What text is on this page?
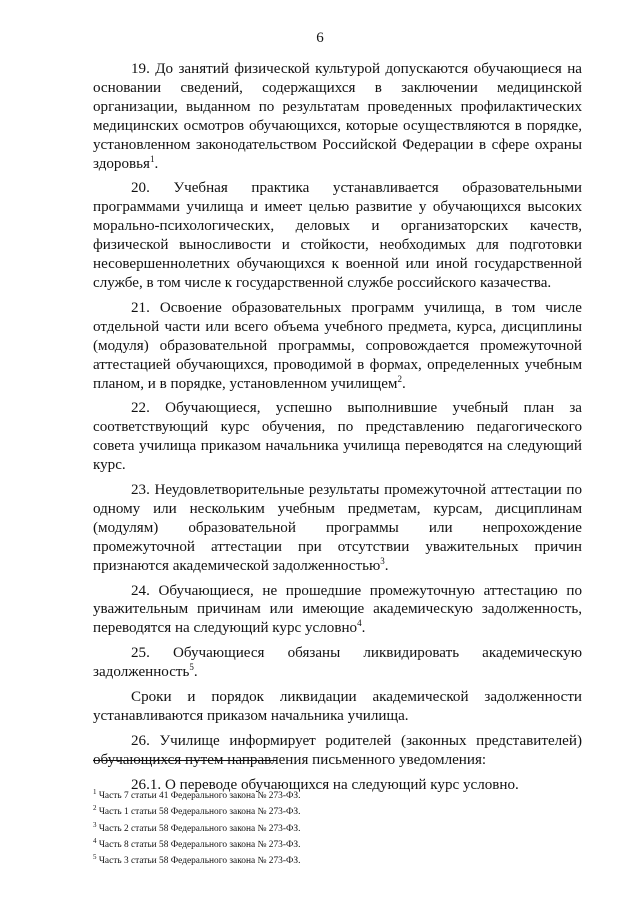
6

19. До занятий физической культурой допускаются обучающиеся на основании сведений, содержащихся в заключении медицинской организации, выданном по результатам проведенных профилактических медицинских осмотров обучающихся, которые осуществляются в порядке, установленном законодательством Российской Федерации в сфере охраны здоровья$^1$.

20. Учебная практика устанавливается образовательными программами училища и имеет целью развитие у обучающихся высоких морально-психологических, деловых и организаторских качеств, физической выносливости и стойкости, необходимых для подготовки несовершеннолетних обучающихся к военной или иной государственной службе, в том числе к государственной службе российского казачества.

21. Освоение образовательных программ училища, в том числе отдельной части или всего объема учебного предмета, курса, дисциплины (модуля) образовательной программы, сопровождается промежуточной аттестацией обучающихся, проводимой в формах, определенных учебным планом, и в порядке, установленном училищем$^2$.

22. Обучающиеся, успешно выполнившие учебный план за соответствующий курс обучения, по представлению педагогического совета училища приказом начальника училища переводятся на следующий курс.

23. Неудовлетворительные результаты промежуточной аттестации по одному или нескольким учебным предметам, курсам, дисциплинам (модулям) образовательной программы или непрохождение промежуточной аттестации при отсутствии уважительных причин признаются академической задолженностью$^3$.

24. Обучающиеся, не прошедшие промежуточную аттестацию по уважительным причинам или имеющие академическую задолженность, переводятся на следующий курс условно$^4$.

25. Обучающиеся обязаны ликвидировать академическую задолженность$^5$.

Сроки и порядок ликвидации академической задолженности устанавливаются приказом начальника училища.

26. Училище информирует родителей (законных представителей) обучающихся путем направления письменного уведомления:

26.1. О переводе обучающихся на следующий курс условно.

$^1$ Часть 7 статьи 41 Федерального закона № 273-ФЗ.
$^2$ Часть 1 статьи 58 Федерального закона № 273-ФЗ.
$^3$ Часть 2 статьи 58 Федерального закона № 273-ФЗ.
$^4$ Часть 8 статьи 58 Федерального закона № 273-ФЗ.
$^5$ Часть 3 статьи 58 Федерального закона № 273-ФЗ.
